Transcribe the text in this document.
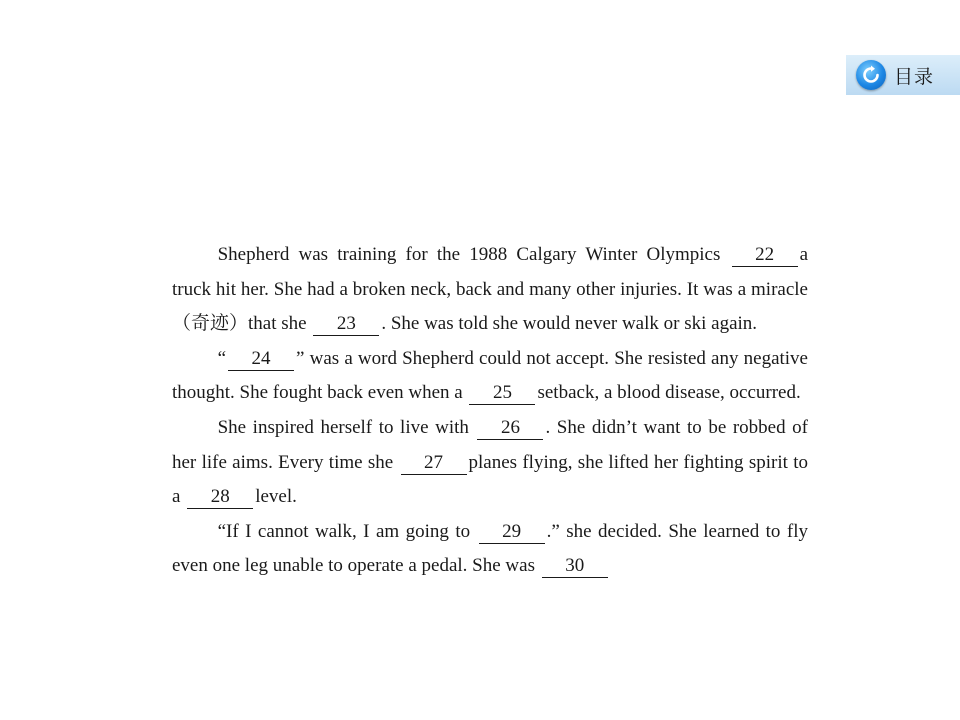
目录

Shepherd was training for the 1988 Calgary Winter Olympics 22 a truck hit her. She had a broken neck, back and many other injuries. It was a miracle（奇迹）that she 23 . She was told she would never walk or ski again.

“ 24 ” was a word Shepherd could not accept. She resisted any negative thought. She fought back even when a 25 setback, a blood disease, occurred.

She inspired herself to live with 26 . She didn’t want to be robbed of her life aims. Every time she 27 planes flying, she lifted her fighting spirit to a 28 level.

“If I cannot walk, I am going to 29 .” she decided. She learned to fly even one leg unable to operate a pedal. She was 30
